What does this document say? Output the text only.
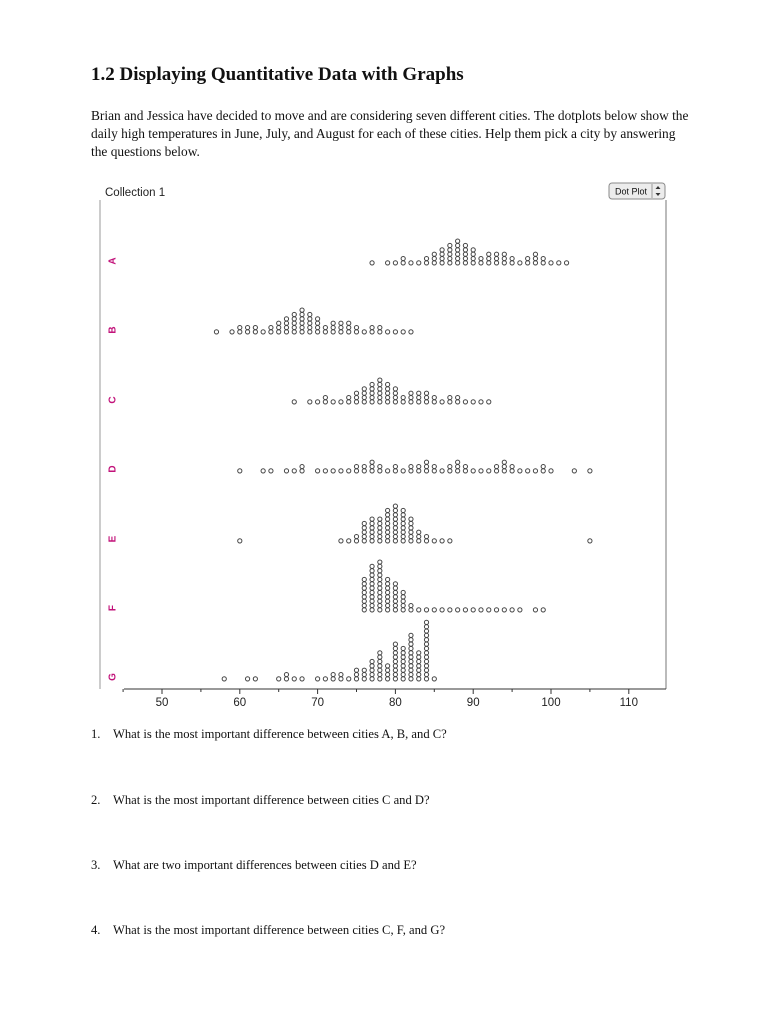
1.2 Displaying Quantitative Data with Graphs

Brian and Jessica have decided to move and are considering seven different cities. The dotplots below show the daily high temperatures in June, July, and August for each of these cities. Help them pick a city by answering the questions below.

Collection 1	Dot Plot
50	60	70	80	90	100	110
A
B
C
D
E
F
G
1. What is the most important difference between cities A, B, and C?
2. What is the most important difference between cities C and D?
3. What are two important differences between cities D and E?
4. What is the most important difference between cities C, F, and G?
